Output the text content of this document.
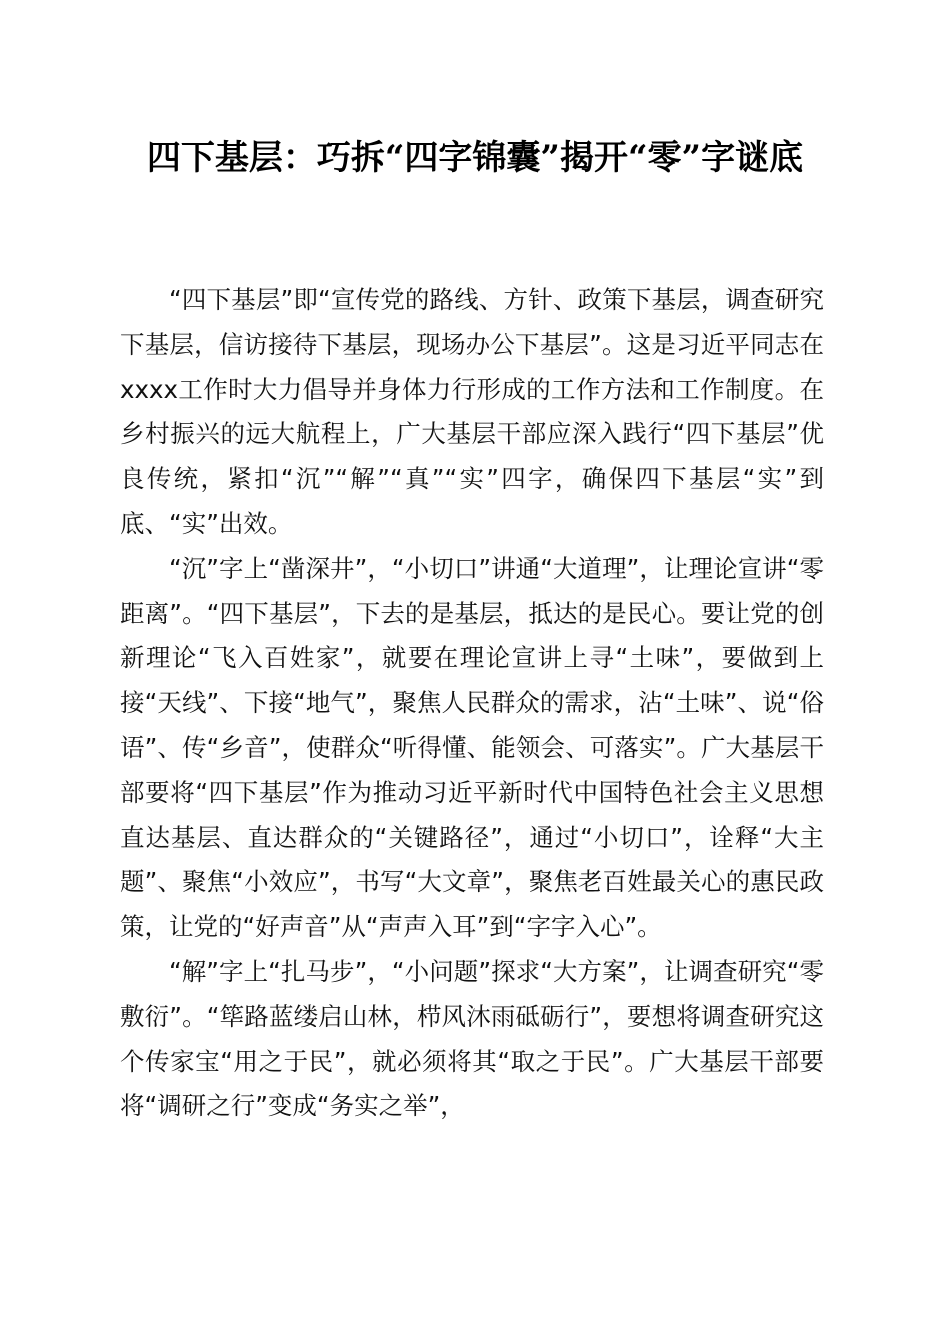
四下基层：巧拆“四字锦囊”揭开“零”字谜底

“四下基层”即“宣传党的路线、方针、政策下基层，调查研究下基层，信访接待下基层，现场办公下基层”。这是习近平同志在xxxx工作时大力倡导并身体力行形成的工作方法和工作制度。在乡村振兴的远大航程上，广大基层干部应深入践行“四下基层”优良传统，紧扣“沉”“解”“真”“实”四字，确保四下基层“实”到底、“实”出效。

“沉”字上“凿深井”，“小切口”讲通“大道理”，让理论宣讲“零距离”。“四下基层”，下去的是基层，抵达的是民心。要让党的创新理论“飞入百姓家”，就要在理论宣讲上寻“土味”，要做到上接“天线”、下接“地气”，聚焦人民群众的需求，沾“土味”、说“俗语”、传“乡音”，使群众“听得懂、能领会、可落实”。广大基层干部要将“四下基层”作为推动习近平新时代中国特色社会主义思想直达基层、直达群众的“关键路径”，通过“小切口”，诠释“大主题”、聚焦“小效应”，书写“大文章”，聚焦老百姓最关心的惠民政策，让党的“好声音”从“声声入耳”到“字字入心”。

“解”字上“扎马步”，“小问题”探求“大方案”，让调查研究“零敷衍”。“筚路蓝缕启山林，栉风沐雨砥砺行”，要想将调查研究这个传家宝“用之于民”，就必须将其“取之于民”。广大基层干部要将“调研之行”变成“务实之举”，
